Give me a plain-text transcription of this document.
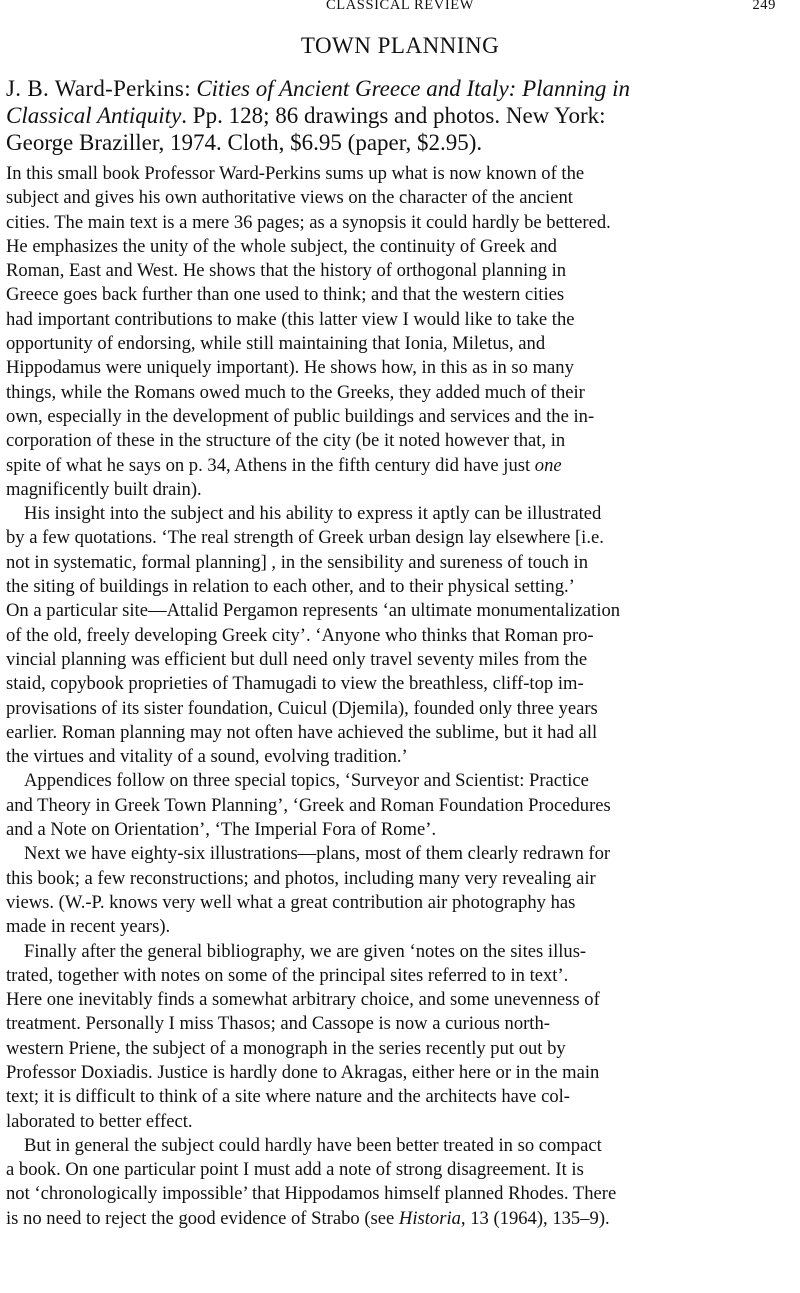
CLASSICAL REVIEW	249
TOWN PLANNING
J. B. Ward-Perkins: Cities of Ancient Greece and Italy: Planning in
Classical Antiquity. Pp. 128; 86 drawings and photos. New York:
George Braziller, 1974. Cloth, $6.95 (paper, $2.95).

In this small book Professor Ward-Perkins sums up what is now known of the
subject and gives his own authoritative views on the character of the ancient
cities. The main text is a mere 36 pages; as a synopsis it could hardly be bettered.
He emphasizes the unity of the whole subject, the continuity of Greek and
Roman, East and West. He shows that the history of orthogonal planning in
Greece goes back further than one used to think; and that the western cities
had important contributions to make (this latter view I would like to take the
opportunity of endorsing, while still maintaining that Ionia, Miletus, and
Hippodamus were uniquely important). He shows how, in this as in so many
things, while the Romans owed much to the Greeks, they added much of their
own, especially in the development of public buildings and services and the in-
corporation of these in the structure of the city (be it noted however that, in
spite of what he says on p. 34, Athens in the fifth century did have just one
magnificently built drain).

His insight into the subject and his ability to express it aptly can be illustrated
by a few quotations. ‘The real strength of Greek urban design lay elsewhere [i.e.
not in systematic, formal planning] , in the sensibility and sureness of touch in
the siting of buildings in relation to each other, and to their physical setting.’
On a particular site—Attalid Pergamon represents ‘an ultimate monumentalization
of the old, freely developing Greek city’. ‘Anyone who thinks that Roman pro-
vincial planning was efficient but dull need only travel seventy miles from the
staid, copybook proprieties of Thamugadi to view the breathless, cliff-top im-
provisations of its sister foundation, Cuicul (Djemila), founded only three years
earlier. Roman planning may not often have achieved the sublime, but it had all
the virtues and vitality of a sound, evolving tradition.’

Appendices follow on three special topics, ‘Surveyor and Scientist: Practice
and Theory in Greek Town Planning’, ‘Greek and Roman Foundation Procedures
and a Note on Orientation’, ‘The Imperial Fora of Rome’.

Next we have eighty-six illustrations—plans, most of them clearly redrawn for
this book; a few reconstructions; and photos, including many very revealing air
views. (W.-P. knows very well what a great contribution air photography has
made in recent years).

Finally after the general bibliography, we are given ‘notes on the sites illus-
trated, together with notes on some of the principal sites referred to in text’.
Here one inevitably finds a somewhat arbitrary choice, and some unevenness of
treatment. Personally I miss Thasos; and Cassope is now a curious north-
western Priene, the subject of a monograph in the series recently put out by
Professor Doxiadis. Justice is hardly done to Akragas, either here or in the main
text; it is difficult to think of a site where nature and the architects have col-
laborated to better effect.

But in general the subject could hardly have been better treated in so compact
a book. On one particular point I must add a note of strong disagreement. It is
not ‘chronologically impossible’ that Hippodamos himself planned Rhodes. There
is no need to reject the good evidence of Strabo (see Historia, 13 (1964), 135–9).
